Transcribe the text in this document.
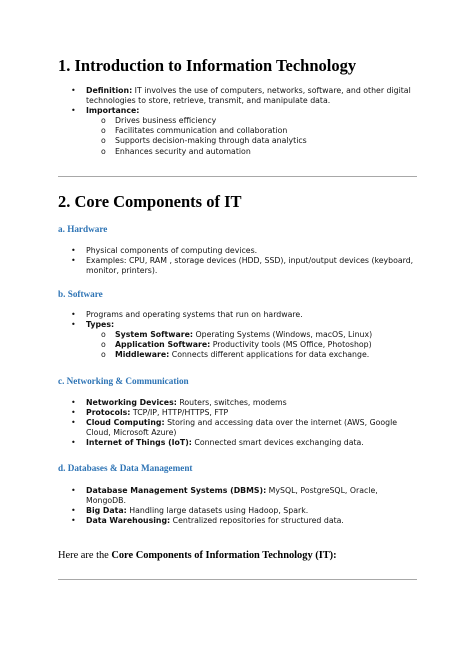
1. Introduction to Information Technology
• Definition: IT involves the use of computers, networks, software, and other digital technologies to store, retrieve, transmit, and manipulate data.
• Importance:
o Drives business efficiency
o Facilitates communication and collaboration
o Supports decision-making through data analytics
o Enhances security and automation
2. Core Components of IT
a. Hardware
• Physical components of computing devices.
• Examples: CPU, RAM , storage devices (HDD, SSD), input/output devices (keyboard, monitor, printers).
b. Software
• Programs and operating systems that run on hardware.
• Types:
o System Software: Operating Systems (Windows, macOS, Linux)
o Application Software: Productivity tools (MS Office, Photoshop)
o Middleware: Connects different applications for data exchange.
c. Networking & Communication
• Networking Devices: Routers, switches, modems
• Protocols: TCP/IP, HTTP/HTTPS, FTP
• Cloud Computing: Storing and accessing data over the internet (AWS, Google Cloud, Microsoft Azure)
• Internet of Things (IoT): Connected smart devices exchanging data.
d. Databases & Data Management
• Database Management Systems (DBMS): MySQL, PostgreSQL, Oracle, MongoDB.
• Big Data: Handling large datasets using Hadoop, Spark.
• Data Warehousing: Centralized repositories for structured data.

Here are the Core Components of Information Technology (IT):
